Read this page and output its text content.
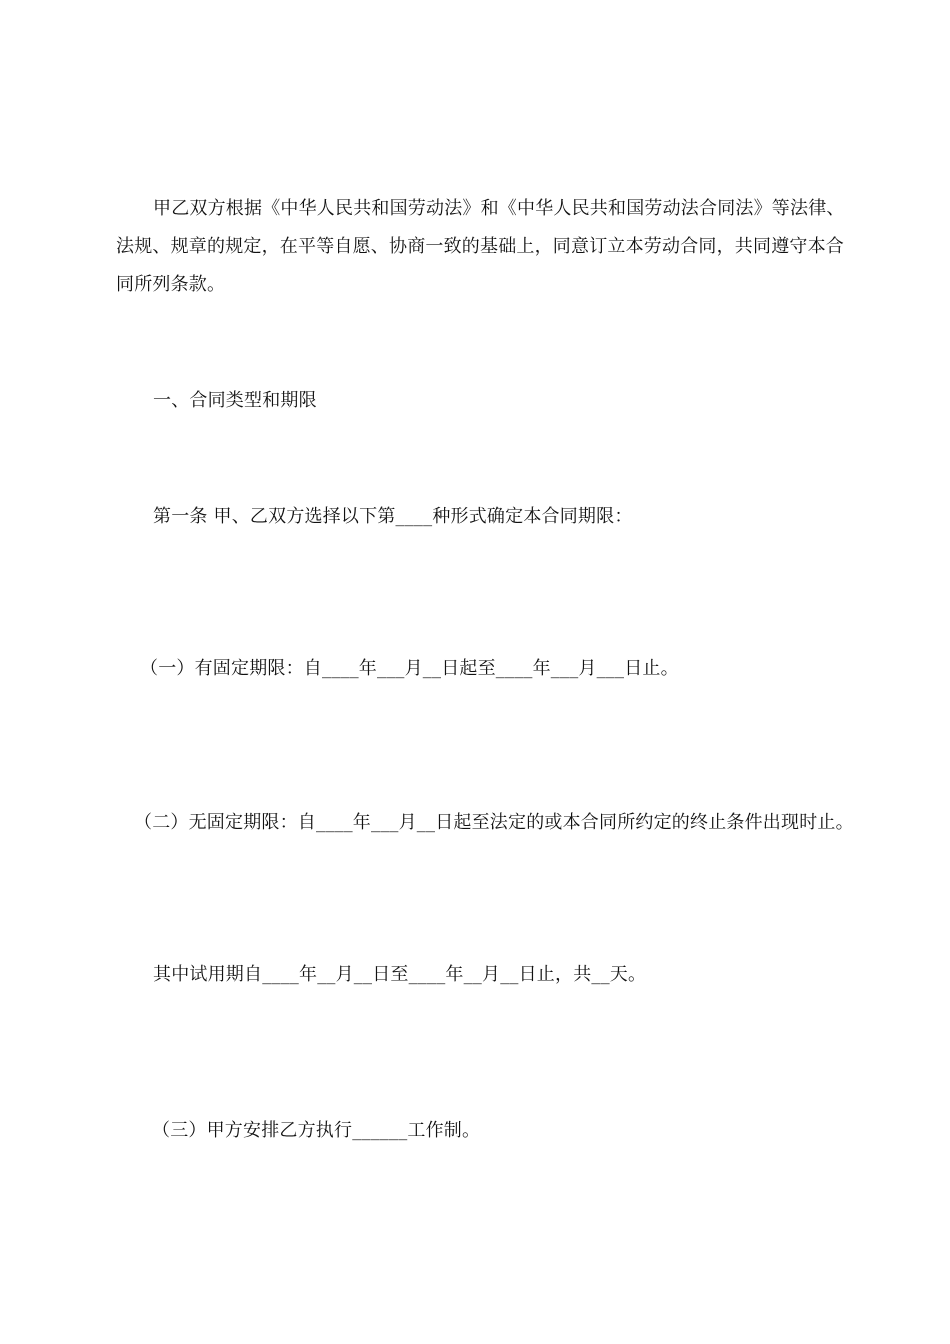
甲乙双方根据《中华人民共和国劳动法》和《中华人民共和国劳动法合同法》等法律、
法规、规章的规定，在平等自愿、协商一致的基础上，同意订立本劳动合同，共同遵守本合
同所列条款。
一、合同类型和期限
第一条 甲、乙双方选择以下第____种形式确定本合同期限：
（一）有固定期限：自____年___月__日起至____年___月___日止。
（二）无固定期限：自____年___月__日起至法定的或本合同所约定的终止条件出现时止。
其中试用期自____年__月__日至____年__月__日止，共__天。
（三）甲方安排乙方执行______工作制。
